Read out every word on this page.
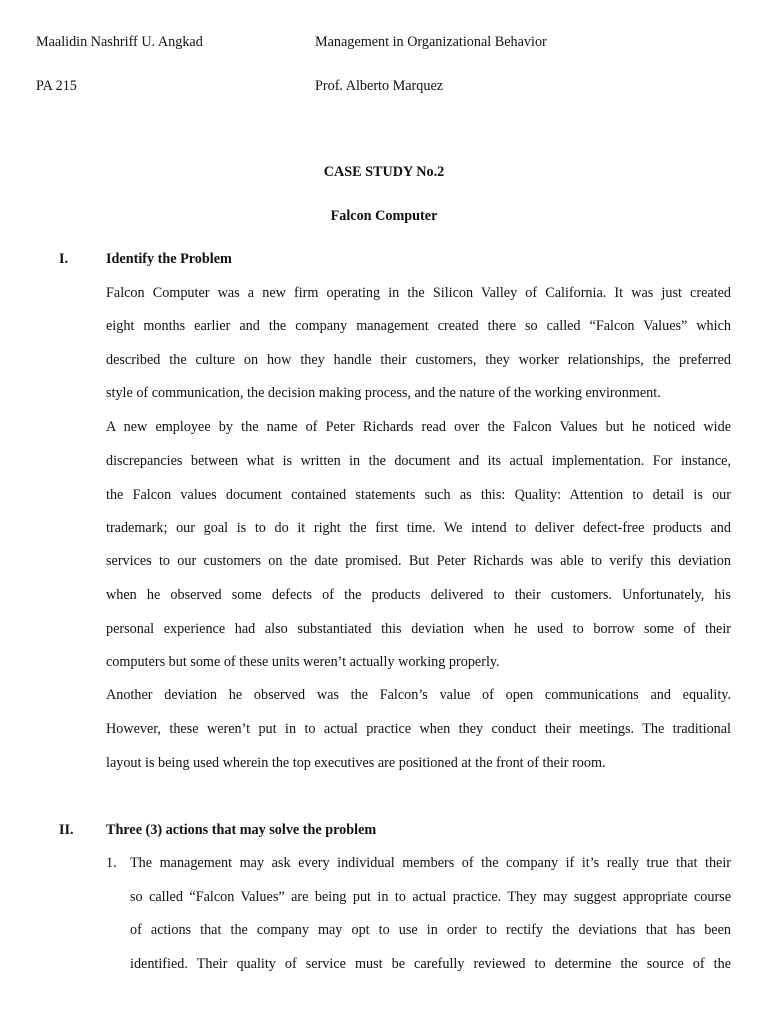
Maalidin Nashriff U. Angkad	Management in Organizational Behavior
PA 215	Prof. Alberto Marquez
CASE STUDY No.2
Falcon Computer
I.	Identify the Problem
Falcon Computer was a new firm operating in the Silicon Valley of California. It was just created
eight months earlier and the company management created there so called “Falcon Values” which
described the culture on how they handle their customers, they worker relationships, the preferred
style of communication, the decision making process, and the nature of the working environment.
A new employee by the name of Peter Richards read over the Falcon Values but he noticed wide
discrepancies between what is written in the document and its actual implementation. For instance,
the Falcon values document contained statements such as this: Quality: Attention to detail is our
trademark; our goal is to do it right the first time. We intend to deliver defect-free products and
services to our customers on the date promised. But Peter Richards was able to verify this deviation
when he observed some defects of the products delivered to their customers. Unfortunately, his
personal experience had also substantiated this deviation when he used to borrow some of their
computers but some of these units weren’t actually working properly.
Another deviation he observed was the Falcon’s value of open communications and equality.
However, these weren’t put in to actual practice when they conduct their meetings. The traditional
layout is being used wherein the top executives are positioned at the front of their room.
II. Three (3) actions that may solve the problem
1. The management may ask every individual members of the company if it’s really true that their
so called “Falcon Values” are being put in to actual practice. They may suggest appropriate course
of actions that the company may opt to use in order to rectify the deviations that has been
identified. Their quality of service must be carefully reviewed to determine the source of the
